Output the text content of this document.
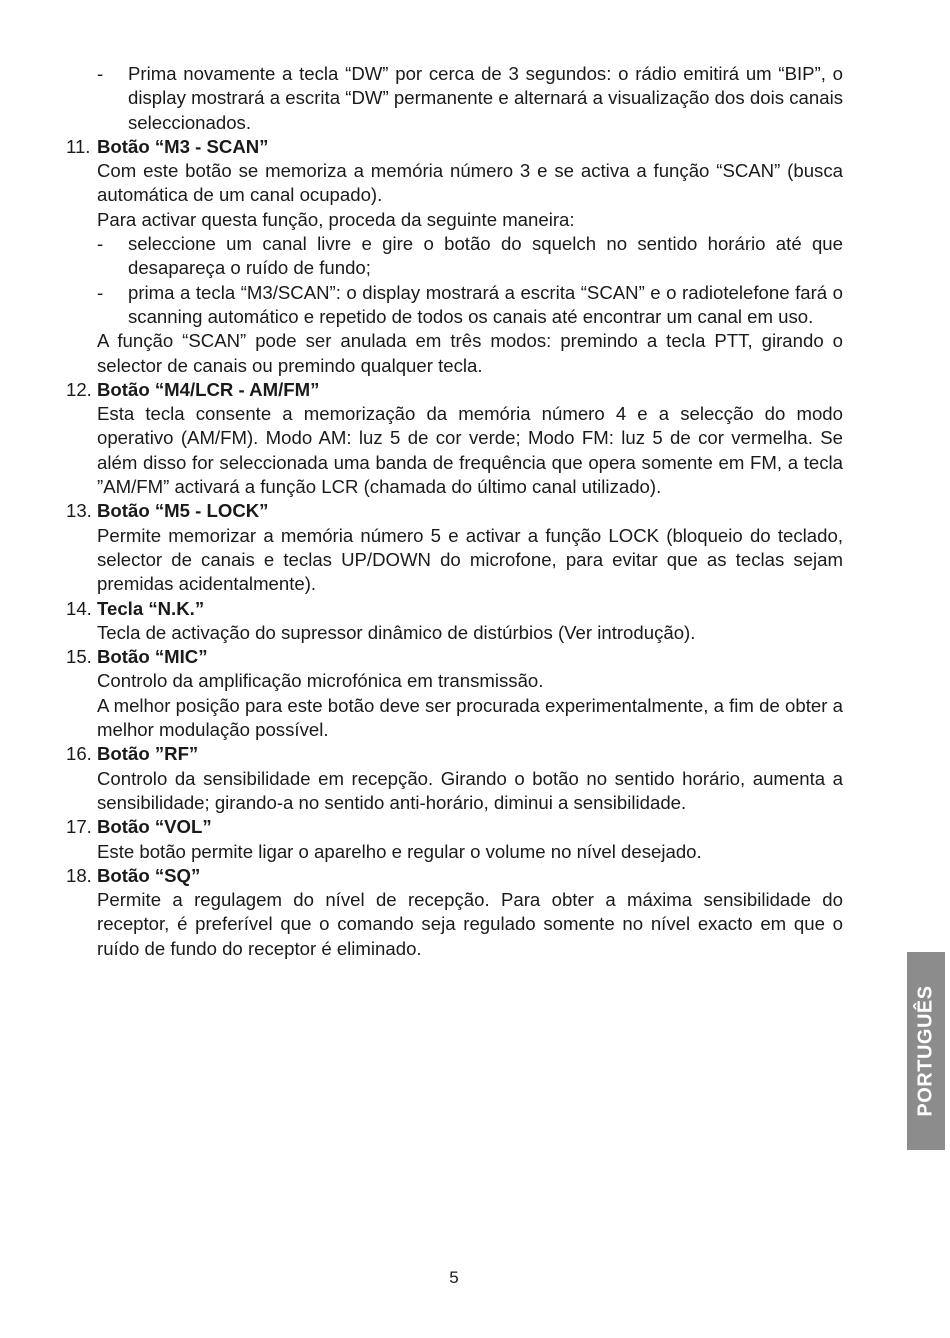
- Prima novamente a tecla “DW” por cerca de 3 segundos: o rádio emitirá um “BIP”, o display mostrará a escrita “DW” permanente e alternará a visualização dos dois canais seleccionados.
11. Botão “M3 - SCAN”
Com este botão se memoriza a memória número 3 e se activa a função “SCAN” (busca automática de um canal ocupado).
Para activar questa função, proceda da seguinte maneira:
- seleccione um canal livre e gire o botão do squelch no sentido horário até que desapareça o ruído de fundo;
- prima a tecla “M3/SCAN”: o display mostrará a escrita “SCAN” e o radiotelefone fará o scanning automático e repetido de todos os canais até encontrar um canal em uso.
A função “SCAN” pode ser anulada em três modos: premindo a tecla PTT, girando o selector de canais ou premindo qualquer tecla.
12. Botão “M4/LCR - AM/FM”
Esta tecla consente a memorização da memória número 4 e a selecção do modo operativo (AM/FM). Modo AM: luz 5 de cor verde; Modo FM: luz 5 de cor vermelha. Se além disso for seleccionada uma banda de frequência que opera somente em FM, a tecla ”AM/FM” activará a função LCR (chamada do último canal utilizado).
13. Botão “M5 - LOCK”
Permite memorizar a memória número 5 e activar a função LOCK (bloqueio do teclado, selector de canais e teclas UP/DOWN do microfone, para evitar que as teclas sejam premidas acidentalmente).
14. Tecla “N.K.”
Tecla de activação do supressor dinâmico de distúrbios (Ver introdução).
15. Botão “MIC”
Controlo da amplificação microfónica em transmissão.
A melhor posição para este botão deve ser procurada experimentalmente, a fim de obter a melhor modulação possível.
16. Botão ”RF”
Controlo da sensibilidade em recepção. Girando o botão no sentido horário, aumenta a sensibilidade; girando-a no sentido anti-horário, diminui a sensibilidade.
17. Botão “VOL”
Este botão permite ligar o aparelho e regular o volume no nível desejado.
18. Botão “SQ”
Permite a regulagem do nível de recepção. Para obter a máxima sensibilidade do receptor, é preferível que o comando seja regulado somente no nível exacto em que o ruído de fundo do receptor é eliminado.
PORTUGUÊS
5
